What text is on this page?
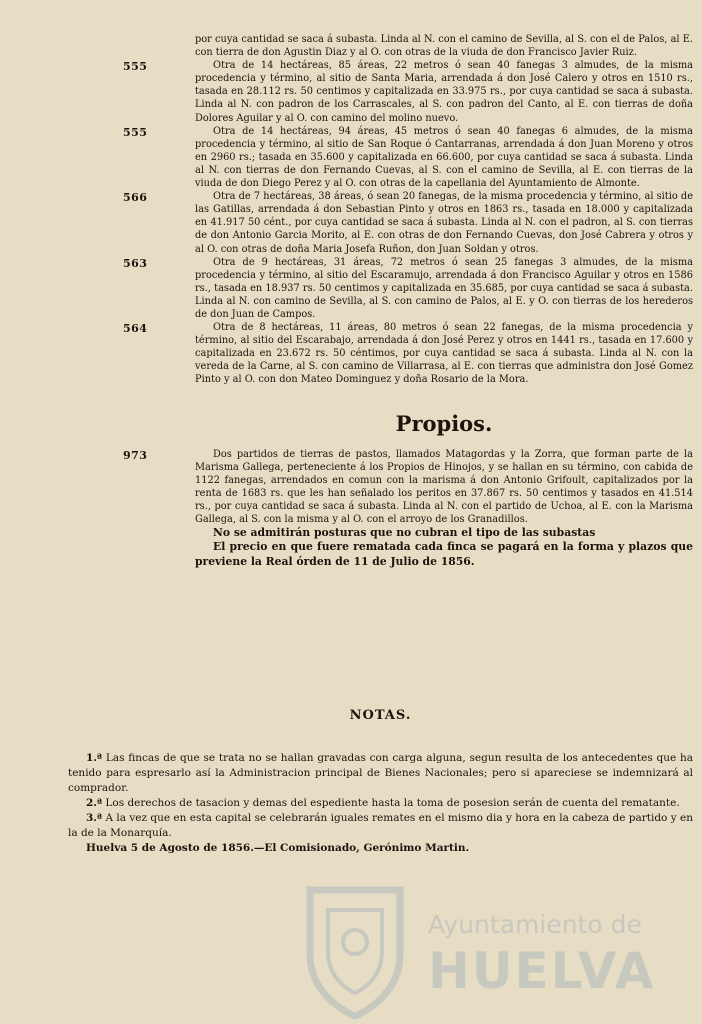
por cuya cantidad se saca á subasta. Linda al N. con el camino de Sevilla, al S. con el de Palos, al E. con tierra de don Agustin Diaz y al O. con otras de la viuda de don Francisco Javier Ruiz.

555	Otra de 14 hectáreas, 85 áreas, 22 metros ó sean 40 fanegas 3 almudes, de la misma procedencia y término, al sitio de Santa Maria, arrendada á don José Calero y otros en 1510 rs., tasada en 28.112 rs. 50 centimos y capitalizada en 33.975 rs., por cuya cantidad se saca á subasta. Linda al N. con padron de los Carrascales, al S. con padron del Canto, al E. con tierras de doña Dolores Aguilar y al O. con camino del molino nuevo.

555	Otra de 14 hectáreas, 94 áreas, 45 metros ó sean 40 fanegas 6 almudes, de la misma procedencia y término, al sitio de San Roque ó Cantarranas, arrendada á don Juan Moreno y otros en 2960 rs.; tasada en 35.600 y capitalizada en 66.600, por cuya cantidad se saca á subasta. Linda al N. con tierras de don Fernando Cuevas, al S. con el camino de Sevilla, al E. con tierras de la viuda de don Diego Perez y al O. con otras de la capellania del Ayuntamiento de Almonte.

566	Otra de 7 hectáreas, 38 áreas, ó sean 20 fanegas, de la misma procedencia y término, al sitio de las Gatillas, arrendada á don Sebastian Pinto y otros en 1863 rs., tasada en 18.000 y capitalizada en 41.917 50 cént., por cuya cantidad se saca á subasta. Linda al N. con el padron, al S. con tierras de don Antonio Garcia Morito, al E. con otras de don Fernando Cuevas, don José Cabrera y otros y al O. con otras de doña Maria Josefa Ruñon, don Juan Soldan y otros.

563	Otra de 9 hectáreas, 31 áreas, 72 metros ó sean 25 fanegas 3 almudes, de la misma procedencia y término, al sitio del Escaramujo, arrendada á don Francisco Aguilar y otros en 1586 rs., tasada en 18.937 rs. 50 centimos y capitalizada en 35.685, por cuya cantidad se saca á subasta. Linda al N. con camino de Sevilla, al S. con camino de Palos, al E. y O. con tierras de los herederos de don Juan de Campos.

564	Otra de 8 hectáreas, 11 áreas, 80 metros ó sean 22 fanegas, de la misma procedencia y término, al sitio del Escarabajo, arrendada á don José Perez y otros en 1441 rs., tasada en 17.600 y capitalizada en 23.672 rs. 50 céntimos, por cuya cantidad se saca á subasta. Linda al N. con la vereda de la Carne, al S. con camino de Villarrasa, al E. con tierras que administra don José Gomez Pinto y al O. con don Mateo Dominguez y doña Rosario de la Mora.

Propios.
973	Dos partidos de tierras de pastos, llamados Matagordas y la Zorra, que forman parte de la Marisma Gallega, perteneciente á los Propios de Hinojos, y se hallan en su término, con cabida de 1122 fanegas, arrendados en comun con la marisma á don Antonio Grifoult, capitalizados por la renta de 1683 rs. que les han señalado los peritos en 37.867 rs. 50 centimos y tasados en 41.514 rs., por cuya cantidad se saca á subasta. Linda al N. con el partido de Uchoa, al E. con la Marisma Gallega, al S. con la misma y al O. con el arroyo de los Granadillos.

No se admitirán posturas que no cubran el tipo de las subastas

El precio en que fuere rematada cada finca se pagará en la forma y plazos que previene la Real órden de 11 de Julio de 1856.

NOTAS.

1.ª Las fincas de que se trata no se hallan gravadas con carga alguna, segun resulta de los antecedentes que ha tenido para espresarlo así la Administracion principal de Bienes Nacionales; pero si apareciese se indemnizará al comprador.

2.ª Los derechos de tasacion y demas del espediente hasta la toma de posesion serán de cuenta del rematante.

3.ª A la vez que en esta capital se celebrarán iguales remates en el mismo dia y hora en la cabeza de partido y en la de la Monarquía.

Huelva 5 de Agosto de 1856.—El Comisionado, Gerónimo Martin.

Ayuntamiento de
HUELVA
